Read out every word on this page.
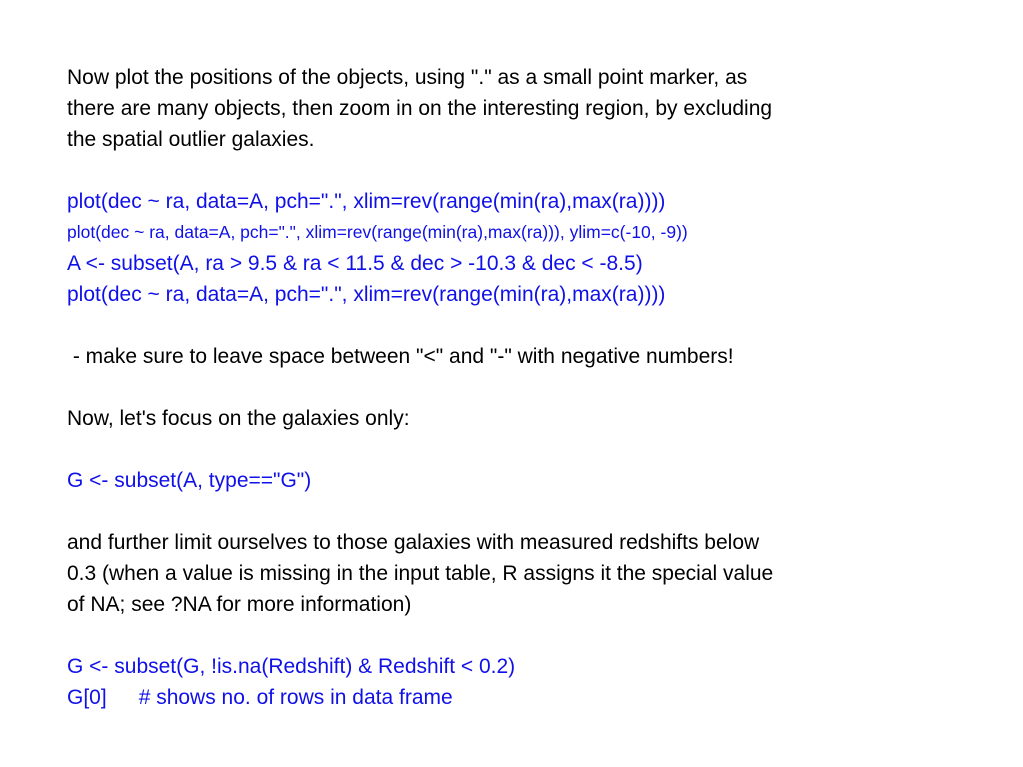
Now plot the positions of the objects, using "." as a small point marker, as
there are many objects, then zoom in on the interesting region, by excluding
the spatial outlier galaxies.
plot(dec ~ ra, data=A, pch=".", xlim=rev(range(min(ra),max(ra))))
plot(dec ~ ra, data=A, pch=".", xlim=rev(range(min(ra),max(ra))), ylim=c(-10, -9))
A <- subset(A, ra > 9.5 & ra < 11.5 & dec > -10.3 & dec < -8.5)
plot(dec ~ ra, data=A, pch=".", xlim=rev(range(min(ra),max(ra))))
- make sure to leave space between "<" and "-" with negative numbers!
Now, let's focus on the galaxies only:
G <- subset(A, type=="G")
and further limit ourselves to those galaxies with measured redshifts below
0.3 (when a value is missing in the input table, R assigns it the special value
of NA; see ?NA for more information)
G <- subset(G, !is.na(Redshift) & Redshift < 0.2)
G[0] # shows no. of rows in data frame
